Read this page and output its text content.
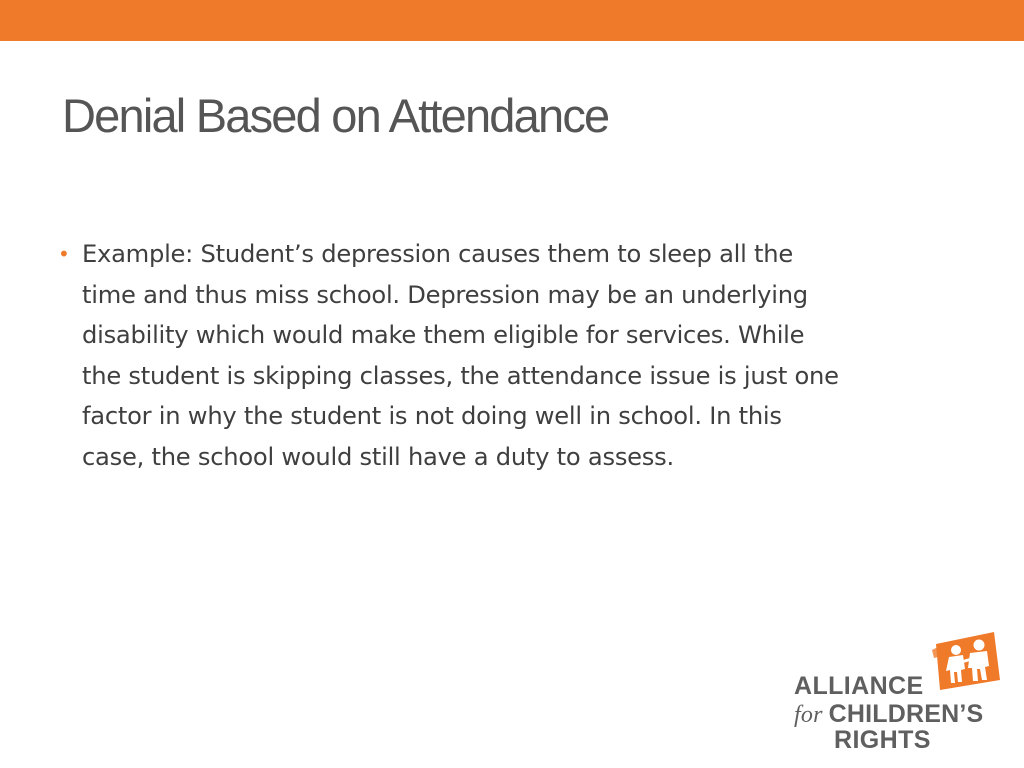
Denial Based on Attendance
• Example: Student’s depression causes them to sleep all the
time and thus miss school. Depression may be an underlying
disability which would make them eligible for services. While
the student is skipping classes, the attendance issue is just one
factor in why the student is not doing well in school. In this
case, the school would still have a duty to assess.
ALLIANCE
for CHILDREN’S
RIGHTS
